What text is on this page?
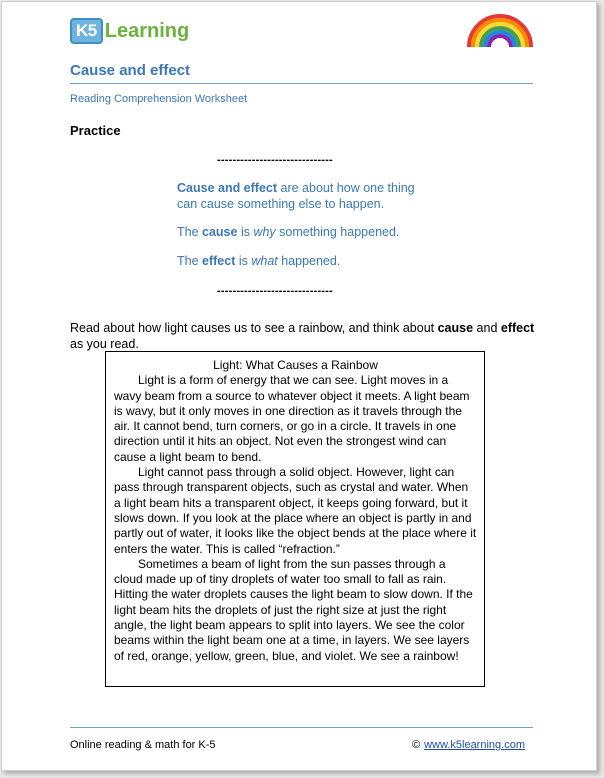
K5 Learning
Cause and effect
Reading Comprehension Worksheet
Practice
------------------------------
Cause and effect are about how one thing
can cause something else to happen.
The cause is why something happened.
The effect is what happened.
------------------------------
Read about how light causes us to see a rainbow, and think about cause and effect as you read.
Light: What Causes a Rainbow

Light is a form of energy that we can see. Light moves in a wavy beam from a source to whatever object it meets. A light beam is wavy, but it only moves in one direction as it travels through the air. It cannot bend, turn corners, or go in a circle. It travels in one direction until it hits an object. Not even the strongest wind can cause a light beam to bend.

Light cannot pass through a solid object. However, light can pass through transparent objects, such as crystal and water. When a light beam hits a transparent object, it keeps going forward, but it slows down. If you look at the place where an object is partly in and partly out of water, it looks like the object bends at the place where it enters the water. This is called “refraction.”

Sometimes a beam of light from the sun passes through a cloud made up of tiny droplets of water too small to fall as rain. Hitting the water droplets causes the light beam to slow down. If the light beam hits the droplets of just the right size at just the right angle, the light beam appears to split into layers. We see the color beams within the light beam one at a time, in layers. We see layers of red, orange, yellow, green, blue, and violet. We see a rainbow!

Online reading & math for K-5	© www.k5learning.com
